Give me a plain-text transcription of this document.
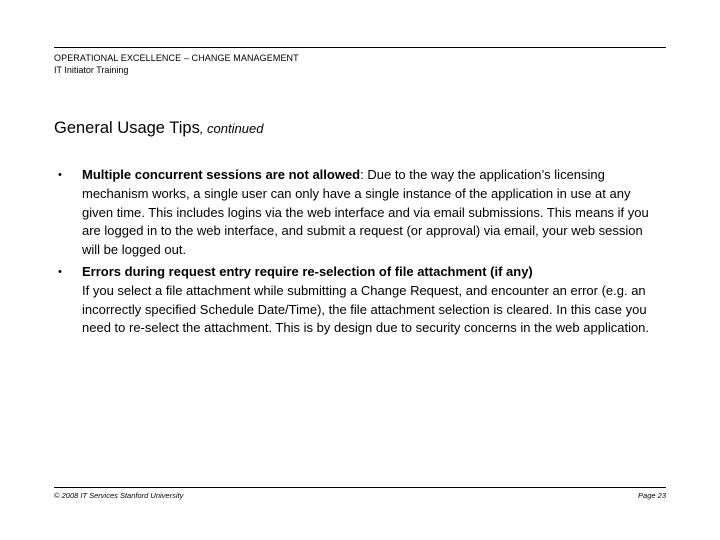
OPERATIONAL EXCELLENCE – CHANGE MANAGEMENT
IT Initiator Training
General Usage Tips, continued
• Multiple concurrent sessions are not allowed: Due to the way the application’s licensing mechanism works, a single user can only have a single instance of the application in use at any given time. This includes logins via the web interface and via email submissions. This means if you are logged in to the web interface, and submit a request (or approval) via email, your web session will be logged out.
• Errors during request entry require re-selection of file attachment (if any)
If you select a file attachment while submitting a Change Request, and encounter an error (e.g. an incorrectly specified Schedule Date/Time), the file attachment selection is cleared. In this case you need to re-select the attachment. This is by design due to security concerns in the web application.
© 2008 IT Services Stanford University	Page 23
